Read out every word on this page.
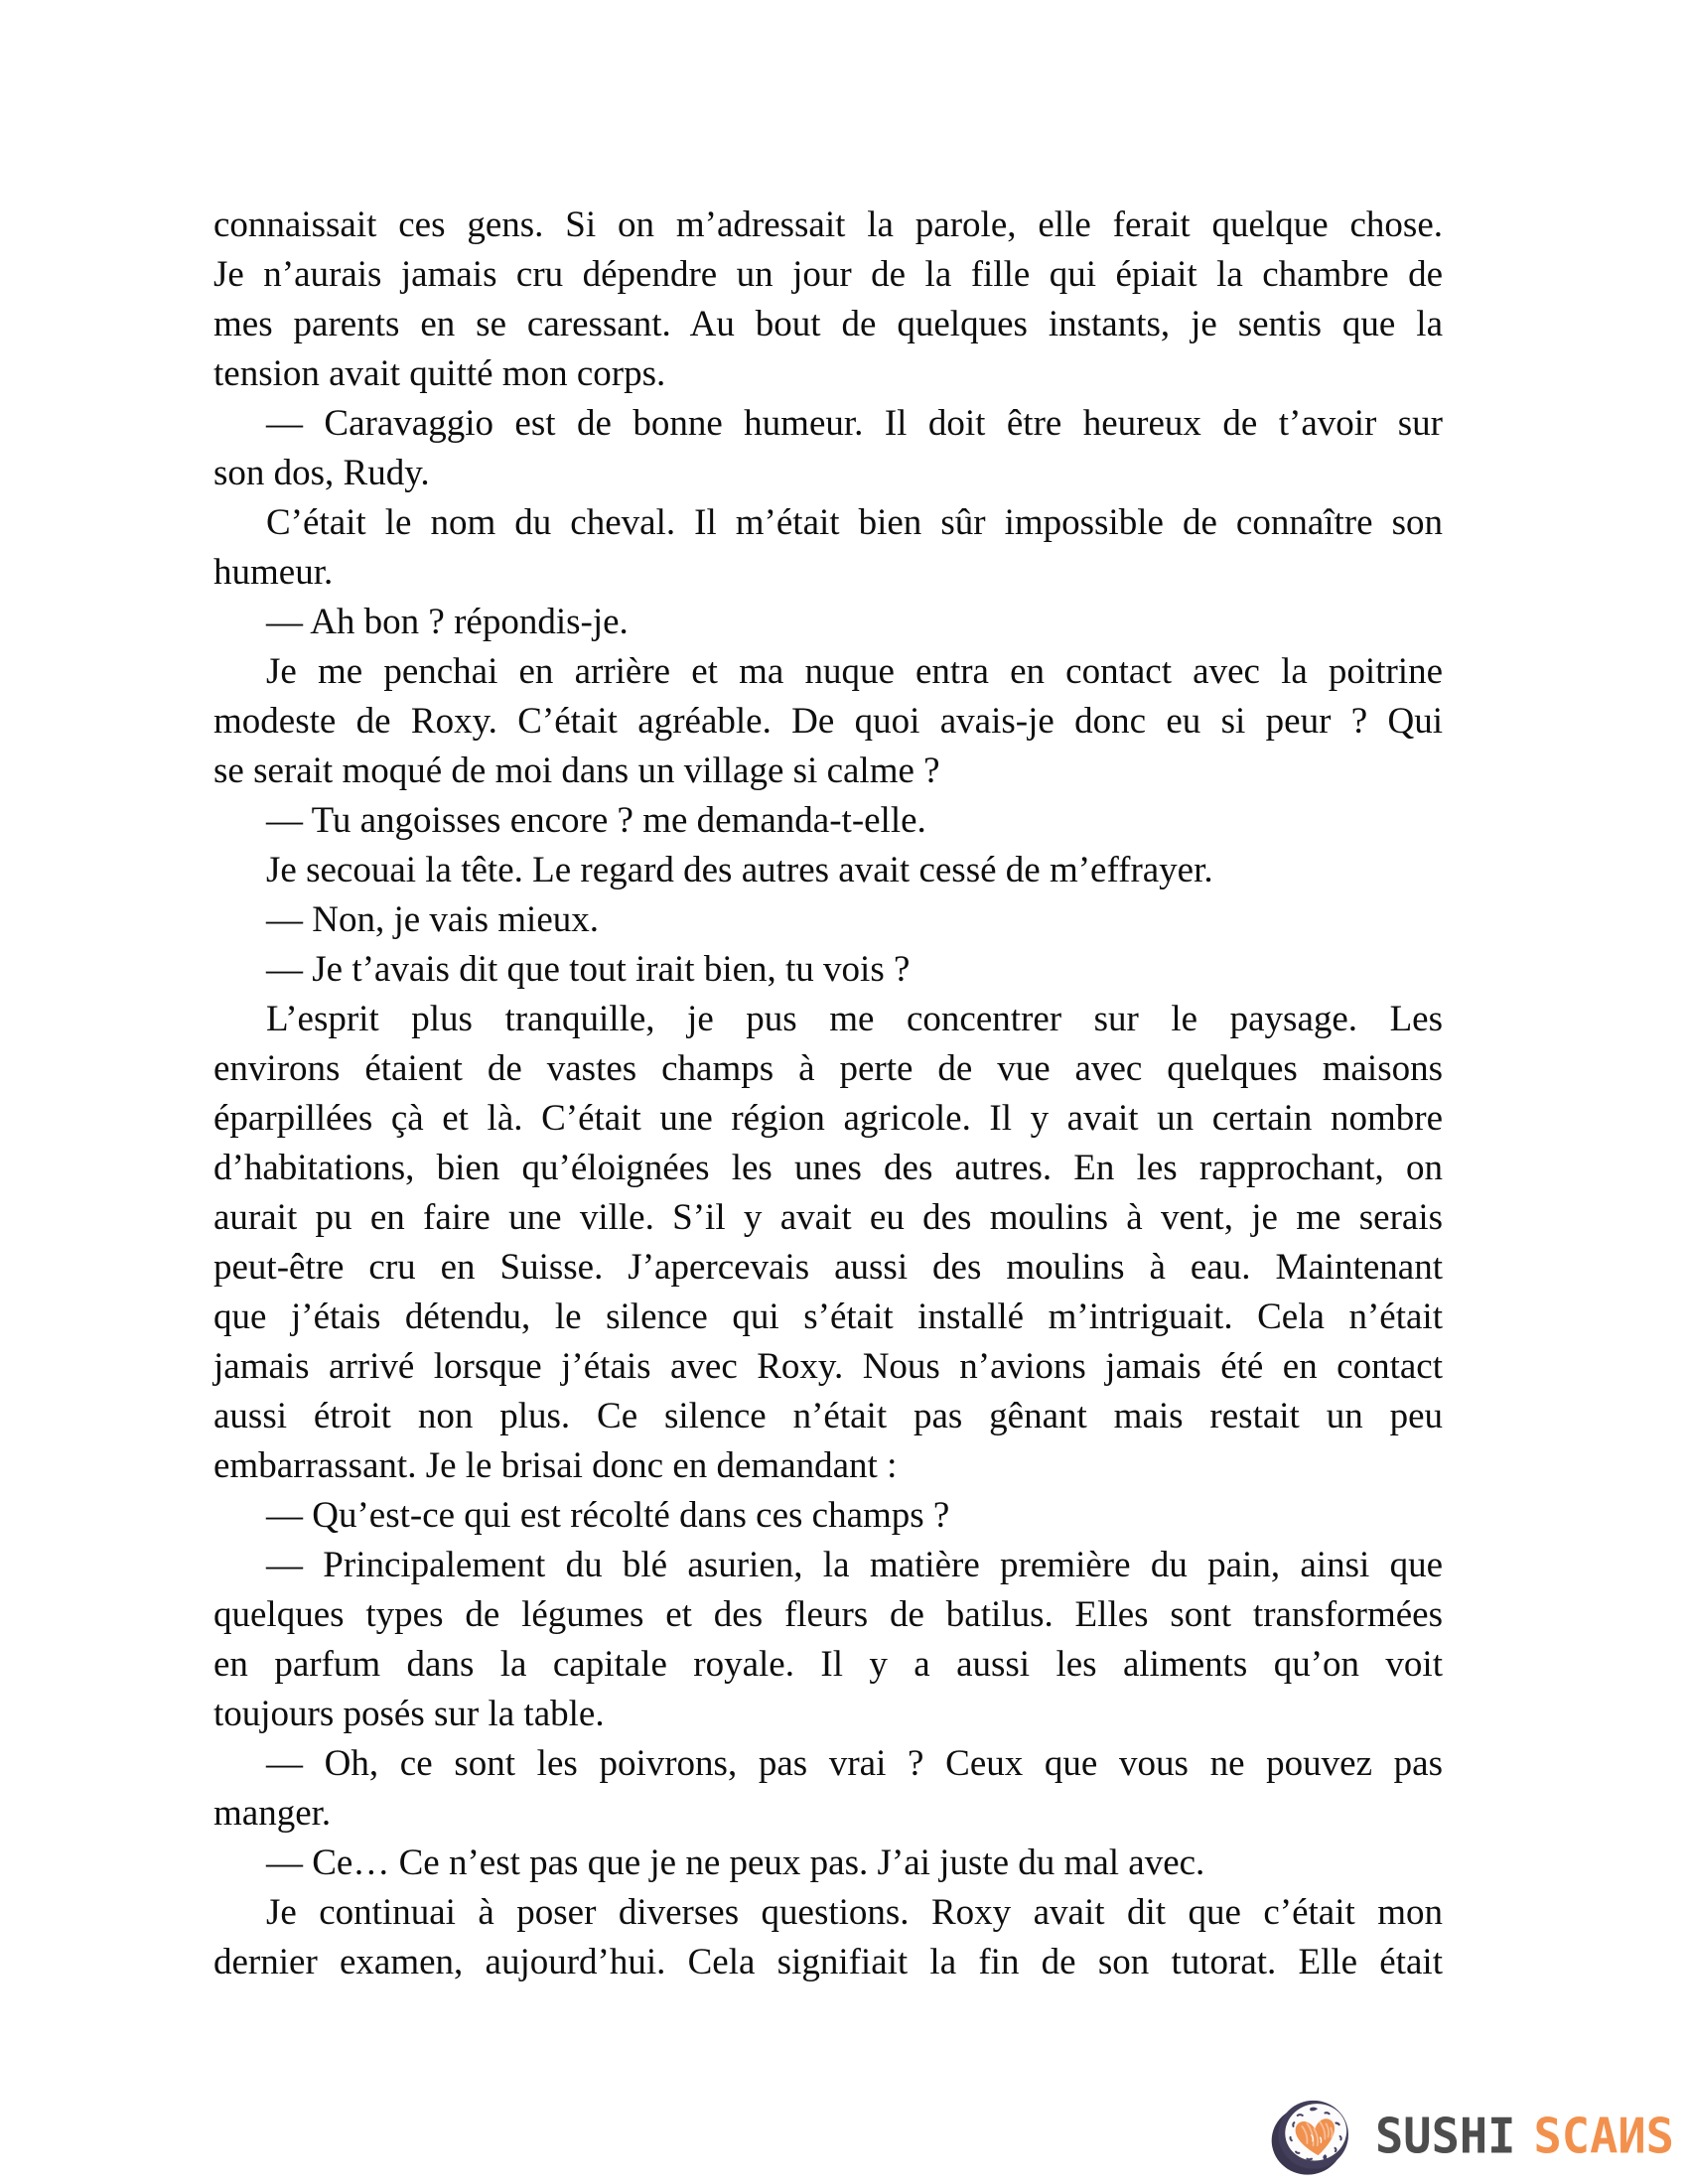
connaissait ces gens. Si on m’adressait la parole, elle ferait quelque chose.
Je n’aurais jamais cru dépendre un jour de la fille qui épiait la chambre de
mes parents en se caressant. Au bout de quelques instants, je sentis que la
tension avait quitté mon corps.
— Caravaggio est de bonne humeur. Il doit être heureux de t’avoir sur
son dos, Rudy.
C’était le nom du cheval. Il m’était bien sûr impossible de connaître son
humeur.
— Ah bon ? répondis-je.
Je me penchai en arrière et ma nuque entra en contact avec la poitrine
modeste de Roxy. C’était agréable. De quoi avais-je donc eu si peur ? Qui
se serait moqué de moi dans un village si calme ?
— Tu angoisses encore ? me demanda-t-elle.
Je secouai la tête. Le regard des autres avait cessé de m’effrayer.
— Non, je vais mieux.
— Je t’avais dit que tout irait bien, tu vois ?
L’esprit plus tranquille, je pus me concentrer sur le paysage. Les
environs étaient de vastes champs à perte de vue avec quelques maisons
éparpillées çà et là. C’était une région agricole. Il y avait un certain nombre
d’habitations, bien qu’éloignées les unes des autres. En les rapprochant, on
aurait pu en faire une ville. S’il y avait eu des moulins à vent, je me serais
peut-être cru en Suisse. J’apercevais aussi des moulins à eau. Maintenant
que j’étais détendu, le silence qui s’était installé m’intriguait. Cela n’était
jamais arrivé lorsque j’étais avec Roxy. Nous n’avions jamais été en contact
aussi étroit non plus. Ce silence n’était pas gênant mais restait un peu
embarrassant. Je le brisai donc en demandant :
— Qu’est-ce qui est récolté dans ces champs ?
— Principalement du blé asurien, la matière première du pain, ainsi que
quelques types de légumes et des fleurs de batilus. Elles sont transformées
en parfum dans la capitale royale. Il y a aussi les aliments qu’on voit
toujours posés sur la table.
— Oh, ce sont les poivrons, pas vrai ? Ceux que vous ne pouvez pas
manger.
— Ce… Ce n’est pas que je ne peux pas. J’ai juste du mal avec.
Je continuai à poser diverses questions. Roxy avait dit que c’était mon
dernier examen, aujourd’hui. Cela signifiait la fin de son tutorat. Elle était
SUSHI SCAИS
